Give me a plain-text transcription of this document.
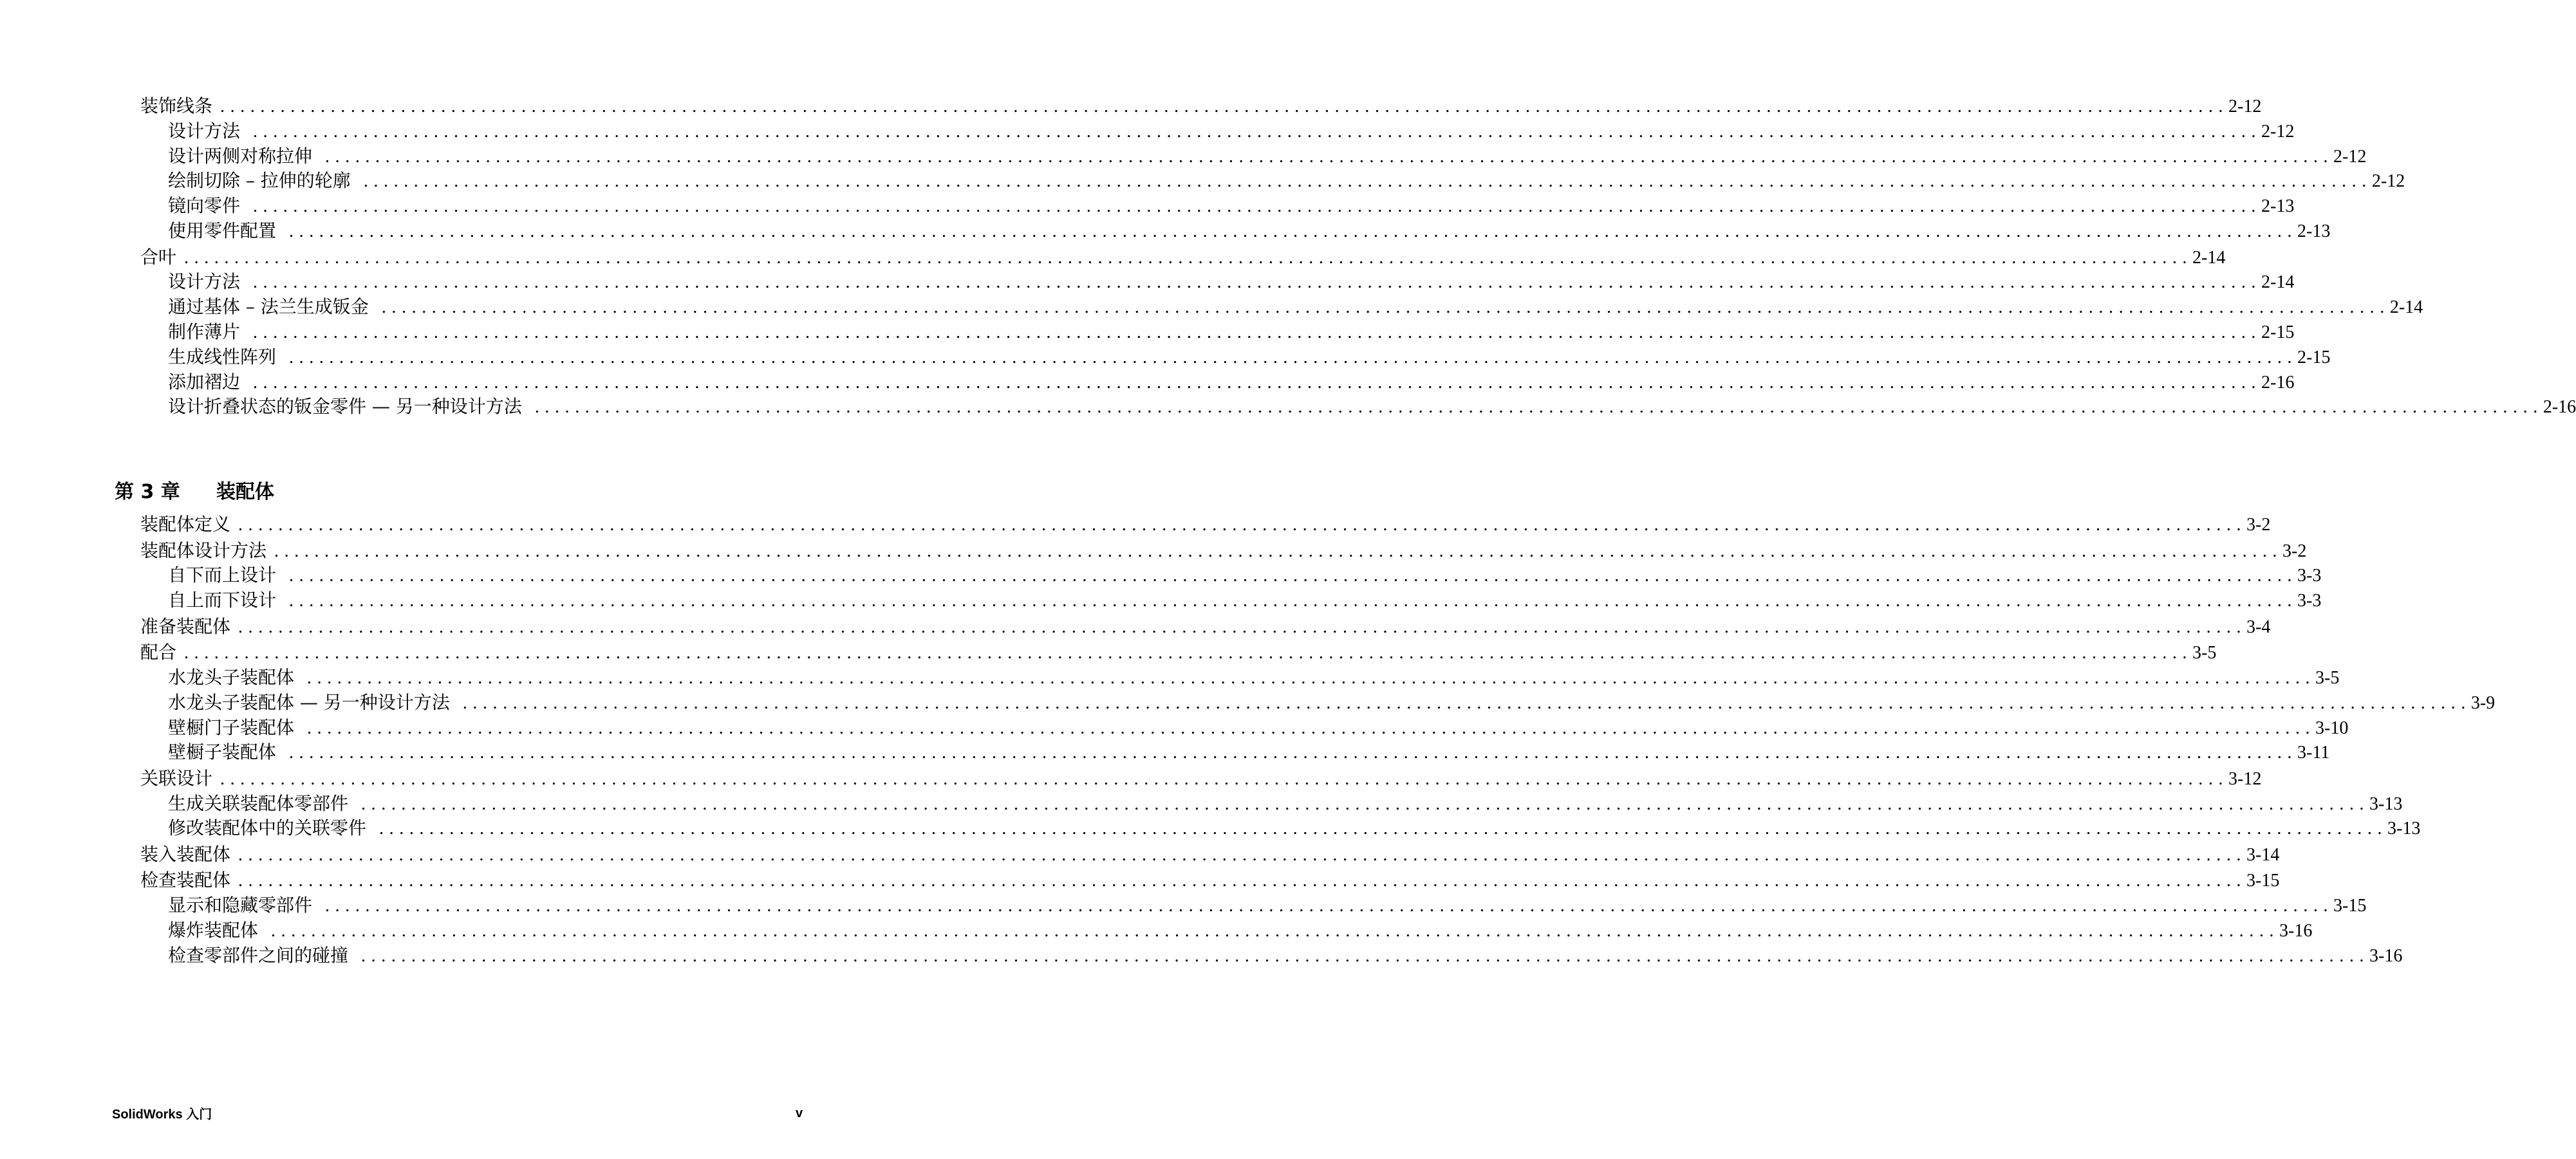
装饰线条 ........................................................................................................................................................................................................ 2-12
设计方法 ........................................................................................................................................................................................................ 2-12
设计两侧对称拉伸 ........................................................................................................................................................................................................ 2-12
绘制切除 – 拉伸的轮廓 ........................................................................................................................................................................................................ 2-12
镜向零件 ........................................................................................................................................................................................................ 2-13
使用零件配置 ........................................................................................................................................................................................................ 2-13
合叶 ........................................................................................................................................................................................................ 2-14
设计方法 ........................................................................................................................................................................................................ 2-14
通过基体 – 法兰生成钣金 ........................................................................................................................................................................................................ 2-14
制作薄片 ........................................................................................................................................................................................................ 2-15
生成线性阵列 ........................................................................................................................................................................................................ 2-15
添加褶边 ........................................................................................................................................................................................................ 2-16
设计折叠状态的钣金零件 — 另一种设计方法 ........................................................................................................................................................................................................ 2-16
第 3 章 装配体
装配体定义 ........................................................................................................................................................................................................ 3-2
装配体设计方法 ........................................................................................................................................................................................................ 3-2
自下而上设计 ........................................................................................................................................................................................................ 3-3
自上而下设计 ........................................................................................................................................................................................................ 3-3
准备装配体 ........................................................................................................................................................................................................ 3-4
配合 ........................................................................................................................................................................................................ 3-5
水龙头子装配体 ........................................................................................................................................................................................................ 3-5
水龙头子装配体 — 另一种设计方法 ........................................................................................................................................................................................................ 3-9
壁橱门子装配体 ........................................................................................................................................................................................................ 3-10
壁橱子装配体 ........................................................................................................................................................................................................ 3-11
关联设计 ........................................................................................................................................................................................................ 3-12
生成关联装配体零部件 ........................................................................................................................................................................................................ 3-13
修改装配体中的关联零件 ........................................................................................................................................................................................................ 3-13
装入装配体 ........................................................................................................................................................................................................ 3-14
检查装配体 ........................................................................................................................................................................................................ 3-15
显示和隐藏零部件 ........................................................................................................................................................................................................ 3-15
爆炸装配体 ........................................................................................................................................................................................................ 3-16
检查零部件之间的碰撞 ........................................................................................................................................................................................................ 3-16
SolidWorks 入门	v
